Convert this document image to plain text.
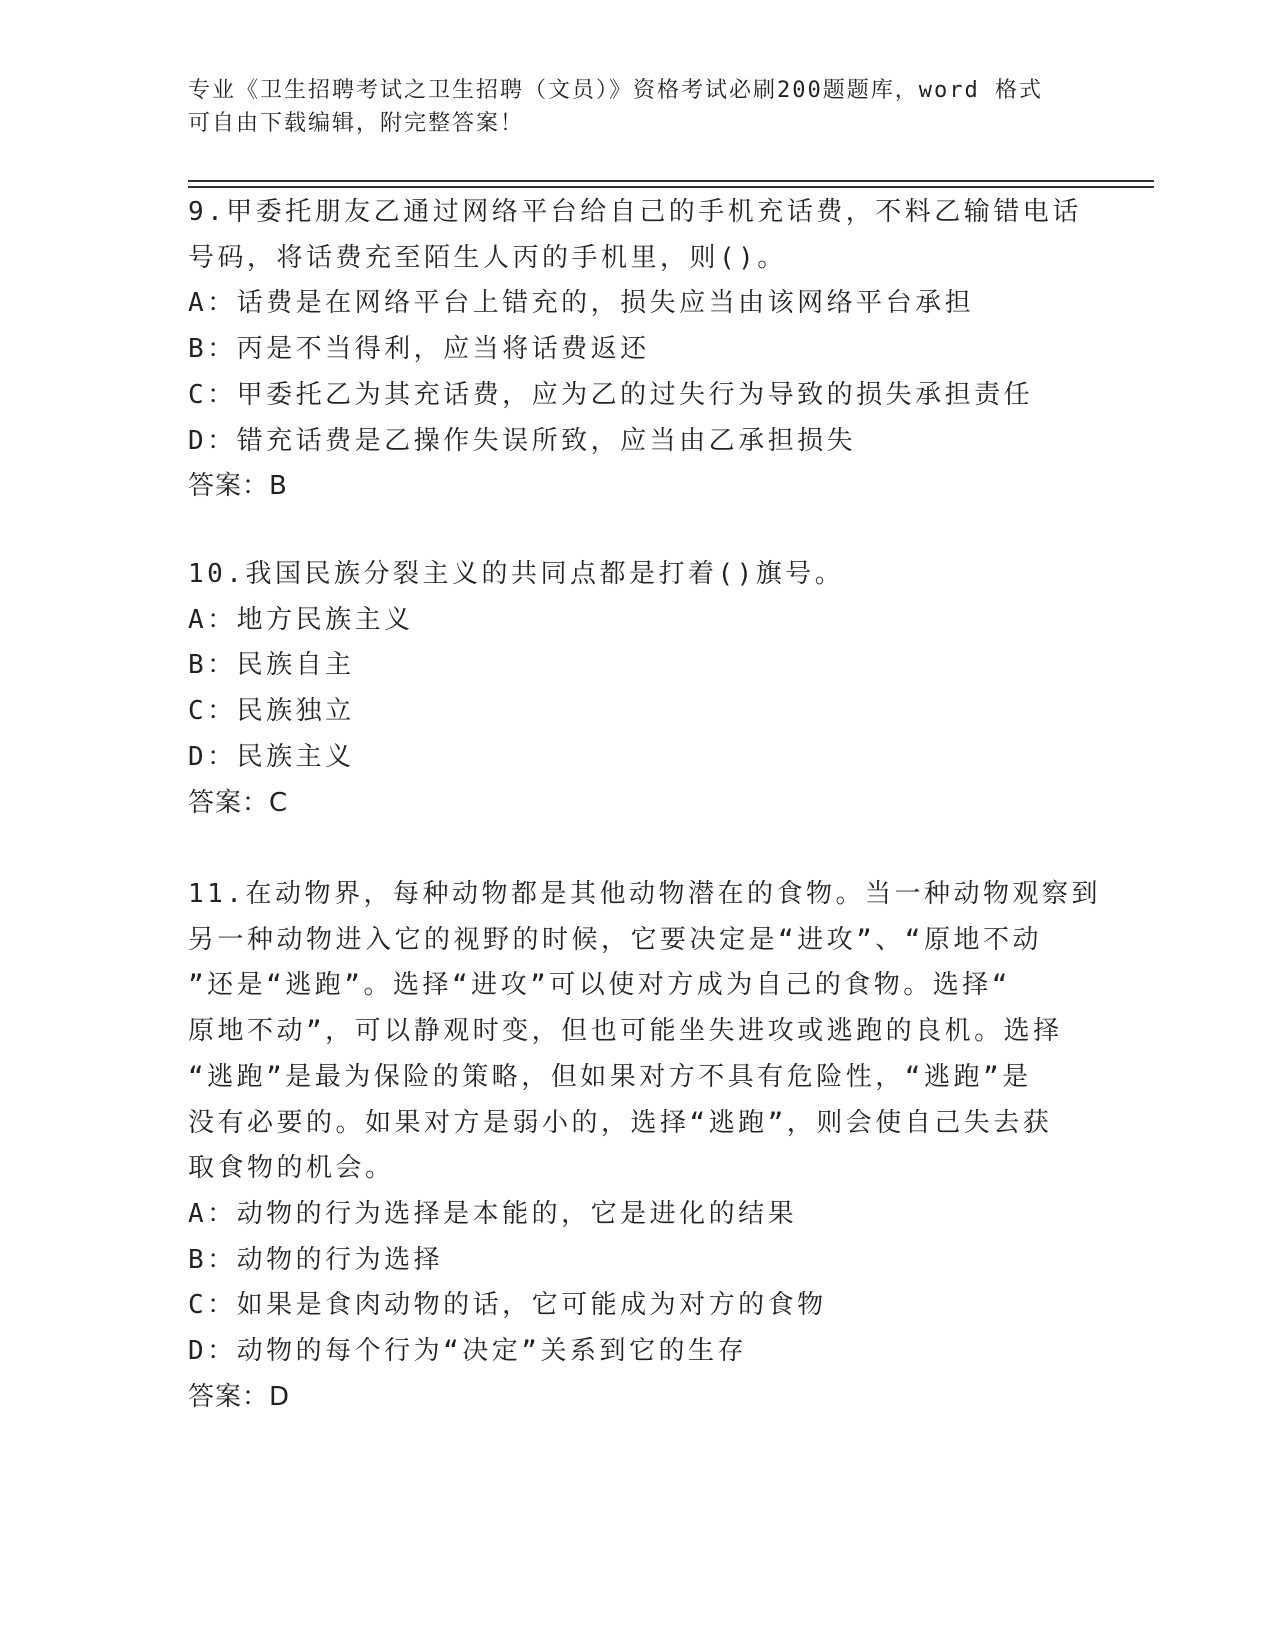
专业《卫生招聘考试之卫生招聘（文员）》资格考试必刷200题题库，word 格式
可自由下载编辑，附完整答案！

9.甲委托朋友乙通过网络平台给自己的手机充话费，不料乙输错电话
号码，将话费充至陌生人丙的手机里，则()。

A：话费是在网络平台上错充的，损失应当由该网络平台承担
B：丙是不当得利，应当将话费返还
C：甲委托乙为其充话费，应为乙的过失行为导致的损失承担责任
D：错充话费是乙操作失误所致，应当由乙承担损失
答案：B

10.我国民族分裂主义的共同点都是打着()旗号。

A：地方民族主义
B：民族自主
C：民族独立
D：民族主义
答案：C

11.在动物界，每种动物都是其他动物潜在的食物。当一种动物观察到
另一种动物进入它的视野的时候，它要决定是“进攻”、“原地不动
”还是“逃跑”。选择“进攻”可以使对方成为自己的食物。选择“
原地不动”，可以静观时变，但也可能坐失进攻或逃跑的良机。选择
“逃跑”是最为保险的策略，但如果对方不具有危险性，“逃跑”是
没有必要的。如果对方是弱小的，选择“逃跑”，则会使自己失去获
取食物的机会。

A：动物的行为选择是本能的，它是进化的结果
B：动物的行为选择
C：如果是食肉动物的话，它可能成为对方的食物
D：动物的每个行为“决定”关系到它的生存
答案：D
